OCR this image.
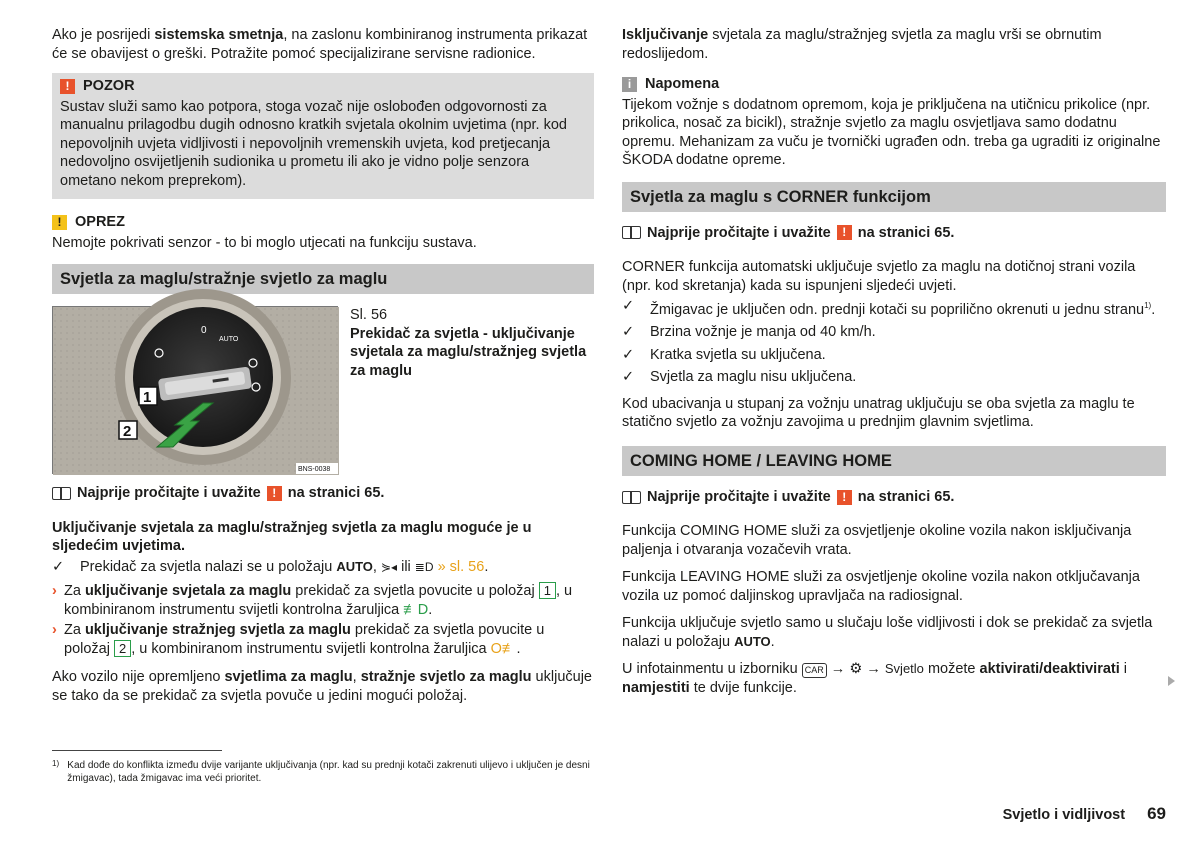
Ako je posrijedi sistemska smetnja, na zaslonu kombiniranog instrumenta prikazat će se obavijest o greški. Potražite pomoć specijalizirane servisne radionice.

! POZOR
Sustav služi samo kao potpora, stoga vozač nije oslobođen odgovornosti za manualnu prilagodbu dugih odnosno kratkih svjetala okolnim uvjetima (npr. kod nepovoljnih uvjeta vidljivosti i nepovoljnih vremenskih uvjeta, kod pretjecanja nedovoljno osvijetljenih sudionika u prometu ili ako je vidno polje senzora ometano nekom preprekom).
! OPREZ
Nemojte pokrivati senzor - to bi moglo utjecati na funkciju sustava.
Svjetla za maglu/stražnje svjetlo za maglu
0
AUTO
1
2
BNS-0038
Sl. 56
Prekidač za svjetla - uključivanje svjetala za maglu/stražnjeg svjetla za maglu
Najprije pročitajte i uvažite ! na stranici 65.

Uključivanje svjetala za maglu/stražnjeg svjetla za maglu moguće je u sljedećim uvjetima.

✓ Prekidač za svjetla nalazi se u položaju AUTO, ⋟◂ ili ≣D » sl. 56.
› Za uključivanje svjetala za maglu prekidač za svjetla povucite u položaj 1 , u kombiniranom instrumentu svijetli kontrolna žaruljica ≢D.
› Za uključivanje stražnjeg svjetla za maglu prekidač za svjetla povucite u položaj 2 , u kombiniranom instrumentu svijetli kontrolna žaruljica O≢.

Ako vozilo nije opremljeno svjetlima za maglu, stražnje svjetlo za maglu uključuje se tako da se prekidač za svjetla povuče u jedini mogući položaj.

Isključivanje svjetala za maglu/stražnjeg svjetla za maglu vrši se obrnutim redoslijedom.

i Napomena
Tijekom vožnje s dodatnom opremom, koja je priključena na utičnicu prikolice (npr. prikolica, nosač za bicikl), stražnje svjetlo za maglu osvjetljava samo dodatnu opremu. Mehanizam za vuču je tvornički ugrađen odn. treba ga ugraditi iz originalne ŠKODA dodatne opreme.
Svjetla za maglu s CORNER funkcijom
Najprije pročitajte i uvažite ! na stranici 65.

CORNER funkcija automatski uključuje svjetlo za maglu na dotičnoj strani vozila (npr. kod skretanja) kada su ispunjeni sljedeći uvjeti.

✓ Žmigavac je uključen odn. prednji kotači su poprilično okrenuti u jednu stranu$^{1)}$.
✓ Brzina vožnje je manja od 40 km/h.
✓ Kratka svjetla su uključena.
✓ Svjetla za maglu nisu uključena.

Kod ubacivanja u stupanj za vožnju unatrag uključuju se oba svjetla za maglu te statično svjetlo za vožnju zavojima u prednjim glavnim svjetlima.

COMING HOME / LEAVING HOME
Najprije pročitajte i uvažite ! na stranici 65.

Funkcija COMING HOME služi za osvjetljenje okoline vozila nakon isključivanja paljenja i otvaranja vozačevih vrata.

Funkcija LEAVING HOME služi za osvjetljenje okoline vozila nakon otključavanja vozila uz pomoć daljinskog upravljača na radiosignal.

Funkcija uključuje svjetlo samo u slučaju loše vidljivosti i dok se prekidač za svjetla nalazi u položaju AUTO.

U infotainmentu u izborniku CAR → ⚙ → Svjetlo možete aktivirati/deaktivirati i namjestiti te dvije funkcije.

1) Kad dođe do konflikta između dvije varijante uključivanja (npr. kad su prednji kotači zakrenuti ulijevo i uključen je desni žmigavac), tada žmigavac ima veći prioritet.
Svjetlo i vidljivost 69
